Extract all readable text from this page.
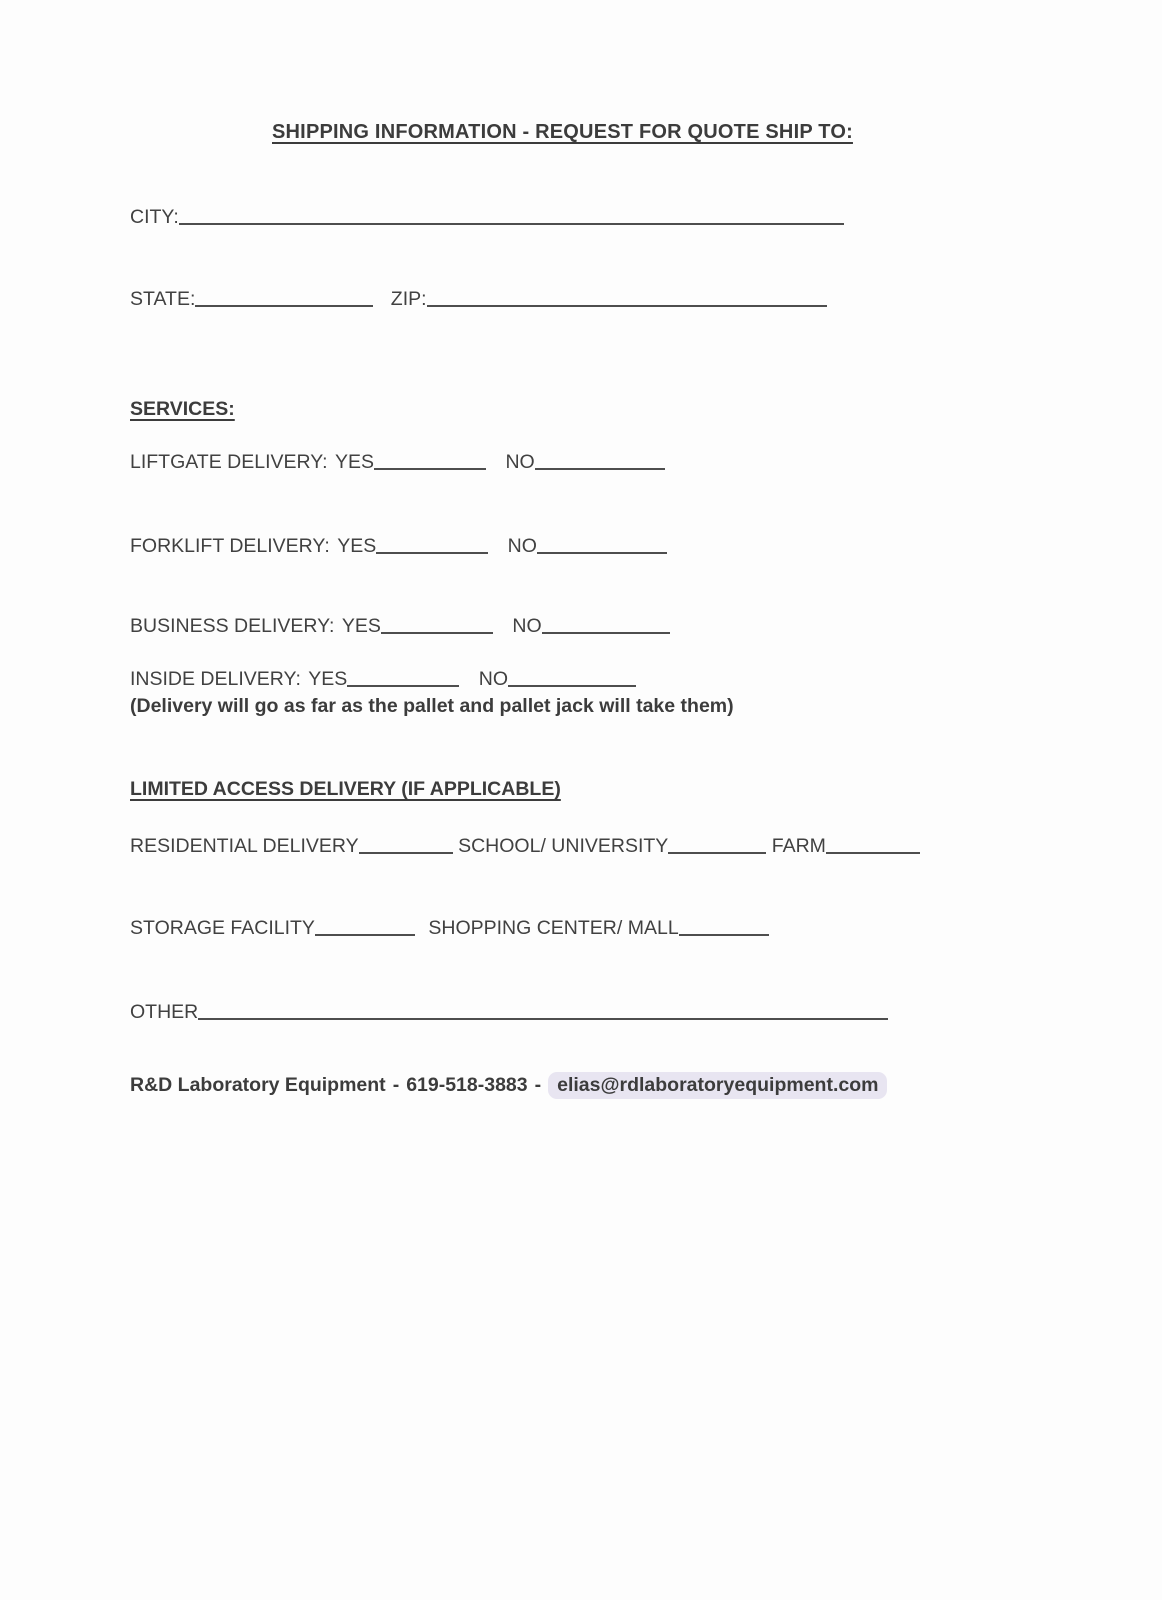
SHIPPING INFORMATION - REQUEST FOR QUOTE SHIP TO:
CITY:
STATE:	ZIP:
SERVICES:
LIFTGATE DELIVERY: YES	NO
FORKLIFT DELIVERY: YES	NO
BUSINESS DELIVERY: YES	NO
INSIDE DELIVERY: YES	NO
(Delivery will go as far as the pallet and pallet jack will take them)
LIMITED ACCESS DELIVERY (IF APPLICABLE)
RESIDENTIAL DELIVERY	SCHOOL/ UNIVERSITY	FARM
STORAGE FACILITY	SHOPPING CENTER/ MALL
OTHER
R&D Laboratory Equipment - 619-518-3883 - elias@rdlaboratoryequipment.com
